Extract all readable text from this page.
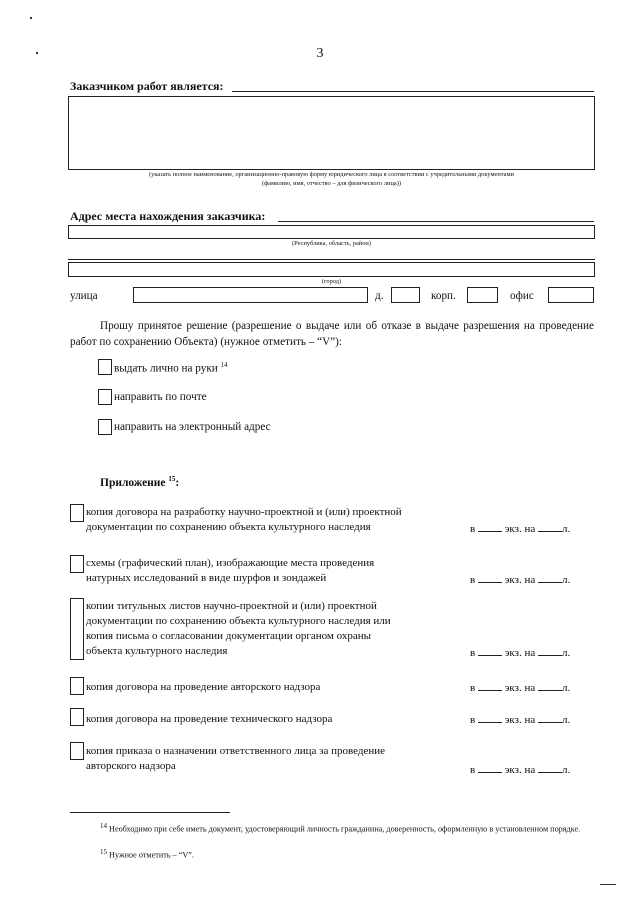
3
Заказчиком работ является:
(указать полное наименование, организационно-правовую форму юридического лица в соответствии с учредительными документами
(фамилию, имя, отчество – для физического лица))
Адрес места нахождения заказчика:
(Республика, область, район)
(город)
улица	д.	корп.	офис
Прошу принятое решение (разрешение о выдаче или об отказе в выдаче разрешения на проведение работ по сохранению Объекта) (нужное отметить – “V”):
выдать лично на руки $^{14}$
направить по почте
направить на электронный адрес
Приложение $^{15}$:
копия договора на разработку научно-проектной и (или) проектной
документации по сохранению объекта культурного наследия	в	экз. на л.
схемы (графический план), изображающие места проведения
натурных исследований в виде шурфов и зондажей	в	экз. на л.
копии титульных листов научно-проектной и (или) проектной
документации по сохранению объекта культурного наследия или
копия письма о согласовании документации органом охраны
объекта культурного наследия	в	экз. на л.
копия договора на проведение авторского надзора	в	экз. на л.
копия договора на проведение технического надзора	в	экз. на л.
копия приказа о назначении ответственного лица за проведение
авторского надзора	в	экз. на л.
$^{14}$ Необходимо при себе иметь документ, удостоверяющий личность гражданина, доверенность, оформленную в установленном порядке.
$^{15}$ Нужное отметить – “V”.
